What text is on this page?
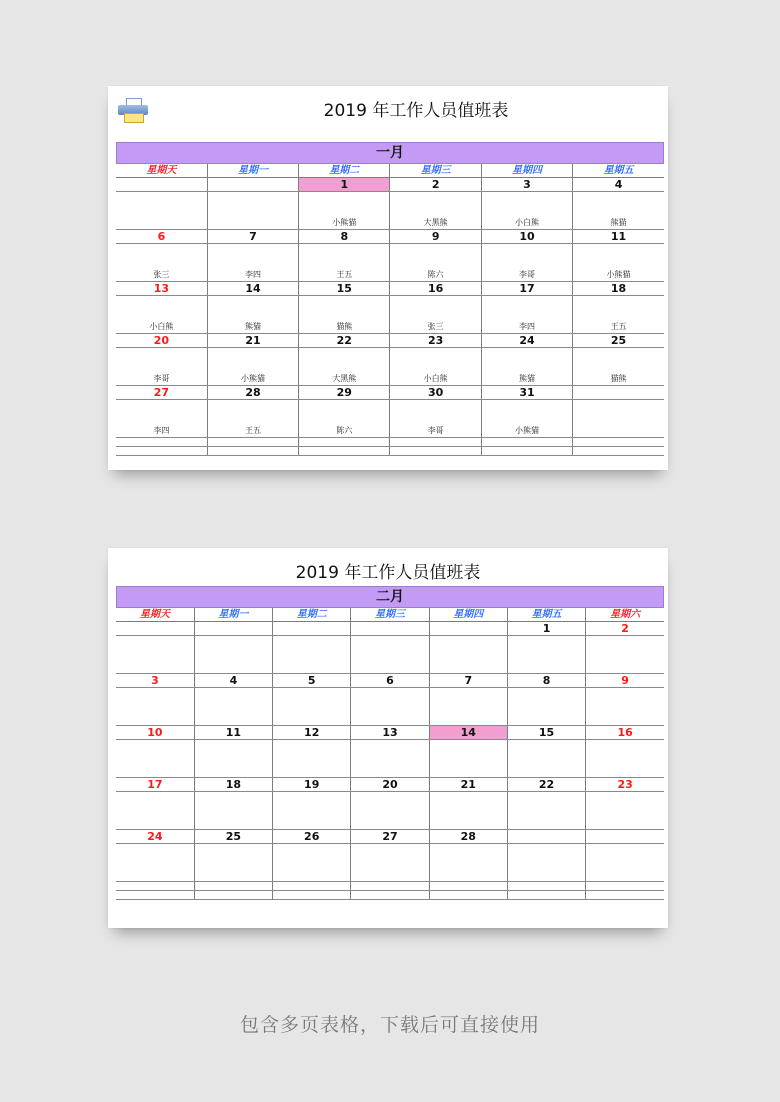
2019 年工作人员值班表
一月
星期天	星期一	星期二	星期三	星期四	星期五
		1	2	3	4
		小熊猫	大黑熊	小白熊	熊猫
6	7	8	9	10	11
张三	李四	王五	陈六	李哥	小熊猫
13	14	15	16	17	18
小白熊	熊猫	猫熊	张三	李四	王五
20	21	22	23	24	25
李哥	小熊猫	大黑熊	小白熊	熊猫	猫熊
27	28	29	30	31	
李四	王五	陈六	李哥	小熊猫	

2019 年工作人员值班表
二月
星期天	星期一	星期二	星期三	星期四	星期五	星期六
					1	2

3	4	5	6	7	8	9

10	11	12	13	14	15	16

17	18	19	20	21	22	23

24	25	26	27	28		

包含多页表格，下载后可直接使用
